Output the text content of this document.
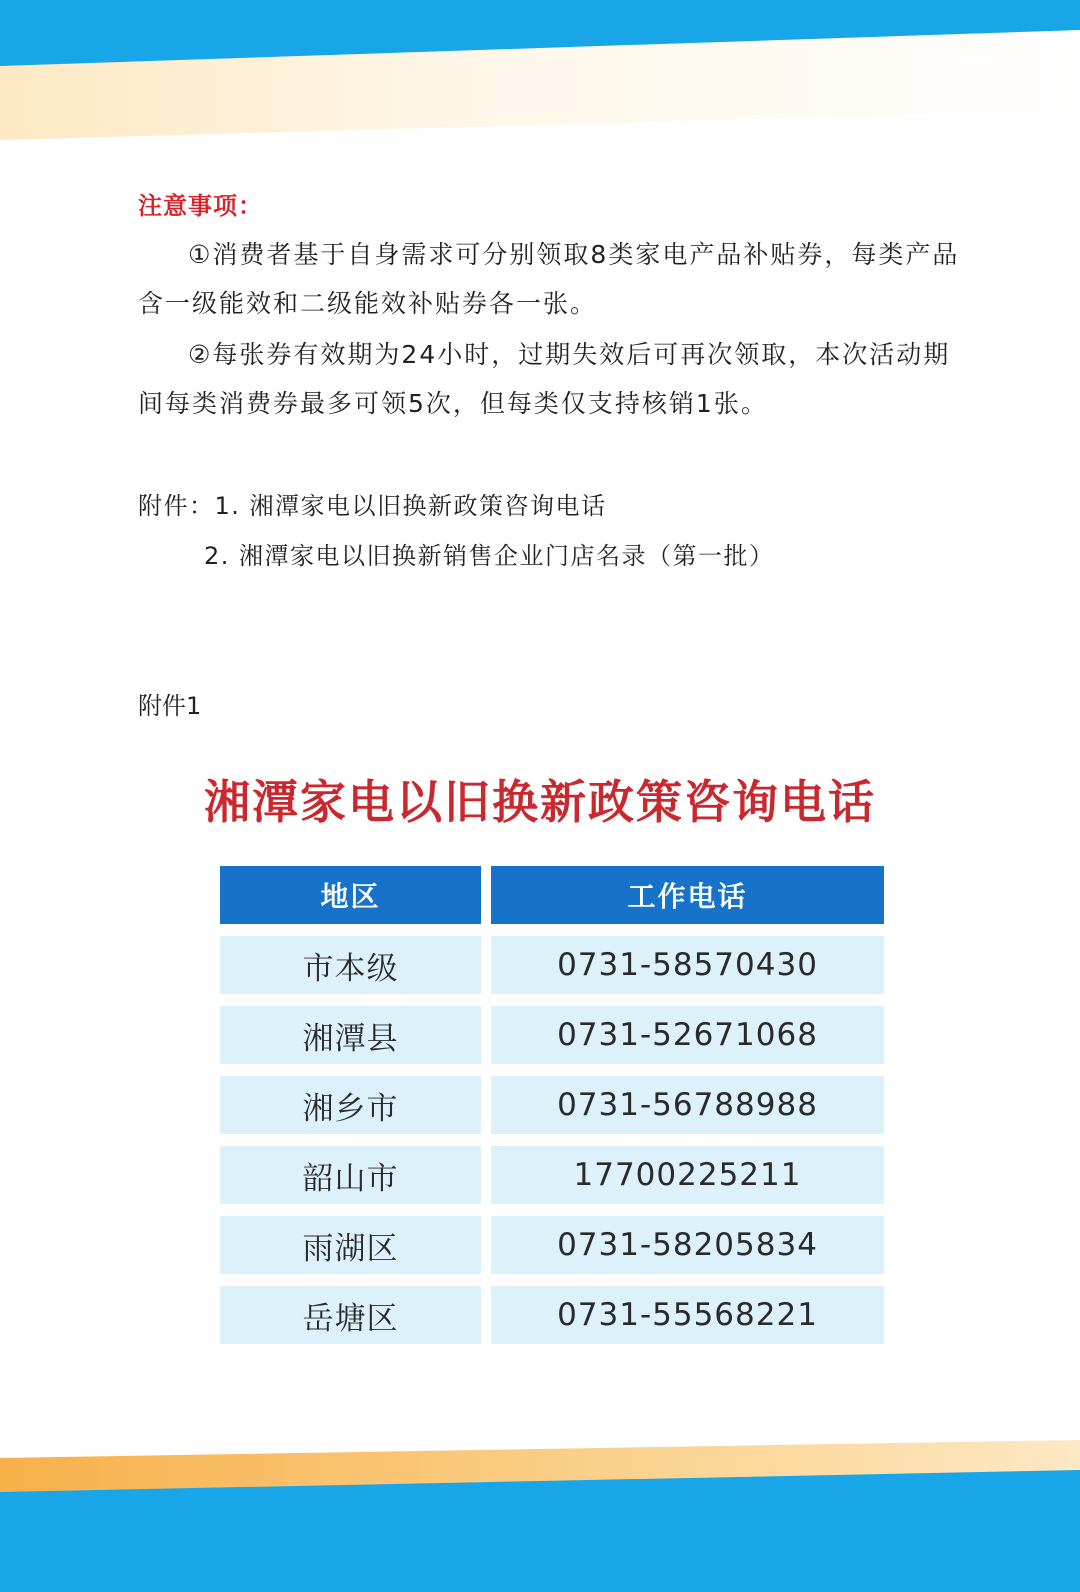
注意事项：
①消费者基于自身需求可分别领取8类家电产品补贴券，每类产品含一级能效和二级能效补贴券各一张。
②每张券有效期为24小时，过期失效后可再次领取，本次活动期间每类消费券最多可领5次，但每类仅支持核销1张。
附件：1. 湘潭家电以旧换新政策咨询电话
2. 湘潭家电以旧换新销售企业门店名录（第一批）
附件1
湘潭家电以旧换新政策咨询电话
地区	工作电话
市本级	0731-58570430
湘潭县	0731-52671068
湘乡市	0731-56788988
韶山市	17700225211
雨湖区	0731-58205834
岳塘区	0731-55568221
